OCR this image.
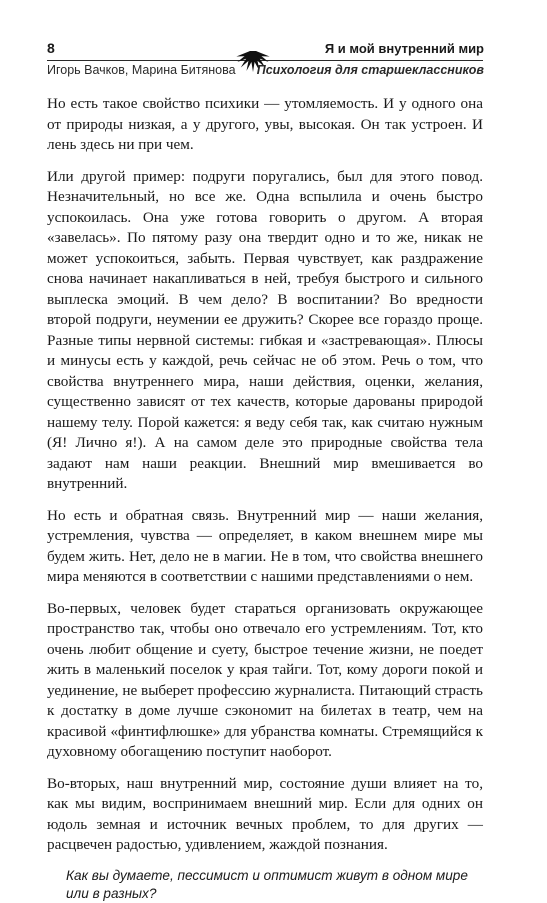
8	Я и мой внутренний мир
Игорь Вачков, Марина Битянова Психология для старшеклассников

Но есть такое свойство психики — утомляемость. И у одного она от природы низкая, а у другого, увы, высокая. Он так устроен. И лень здесь ни при чем.

Или другой пример: подруги поругались, был для этого повод. Незначительный, но все же. Одна вспылила и очень быстро успокоилась. Она уже готова говорить о другом. А вторая «завелась». По пятому разу она твердит одно и то же, никак не может успокоиться, забыть. Первая чувствует, как раздражение снова начинает накапливаться в ней, требуя быстрого и сильного выплеска эмоций. В чем дело? В воспитании? Во вредности второй подруги, неумении ее дружить? Скорее все гораздо проще. Разные типы нервной системы: гибкая и «застревающая». Плюсы и минусы есть у каждой, речь сейчас не об этом. Речь о том, что свойства внутреннего мира, наши действия, оценки, желания, существенно зависят от тех качеств, которые дарованы природой нашему телу. Порой кажется: я веду себя так, как считаю нужным (Я! Лично я!). А на самом деле это природные свойства тела задают нам наши реакции. Внешний мир вмешивается во внутренний.

Но есть и обратная связь. Внутренний мир — наши желания, устремления, чувства — определяет, в каком внешнем мире мы будем жить. Нет, дело не в магии. Не в том, что свойства внешнего мира меняются в соответствии с нашими представлениями о нем.

Во-первых, человек будет стараться организовать окружающее пространство так, чтобы оно отвечало его устремлениям. Тот, кто очень любит общение и суету, быстрое течение жизни, не поедет жить в маленький поселок у края тайги. Тот, кому дороги покой и уединение, не выберет профессию журналиста. Питающий страсть к достатку в доме лучше сэкономит на билетах в театр, чем на красивой «финтифлюшке» для убранства комнаты. Стремящийся к духовному обогащению поступит наоборот.

Во-вторых, наш внутренний мир, состояние души влияет на то, как мы видим, воспринимаем внешний мир. Если для одних он юдоль земная и источник вечных проблем, то для других — расцвечен радостью, удивлением, жаждой познания.

Как вы думаете, пессимист и оптимист живут в одном мире или в разных?
